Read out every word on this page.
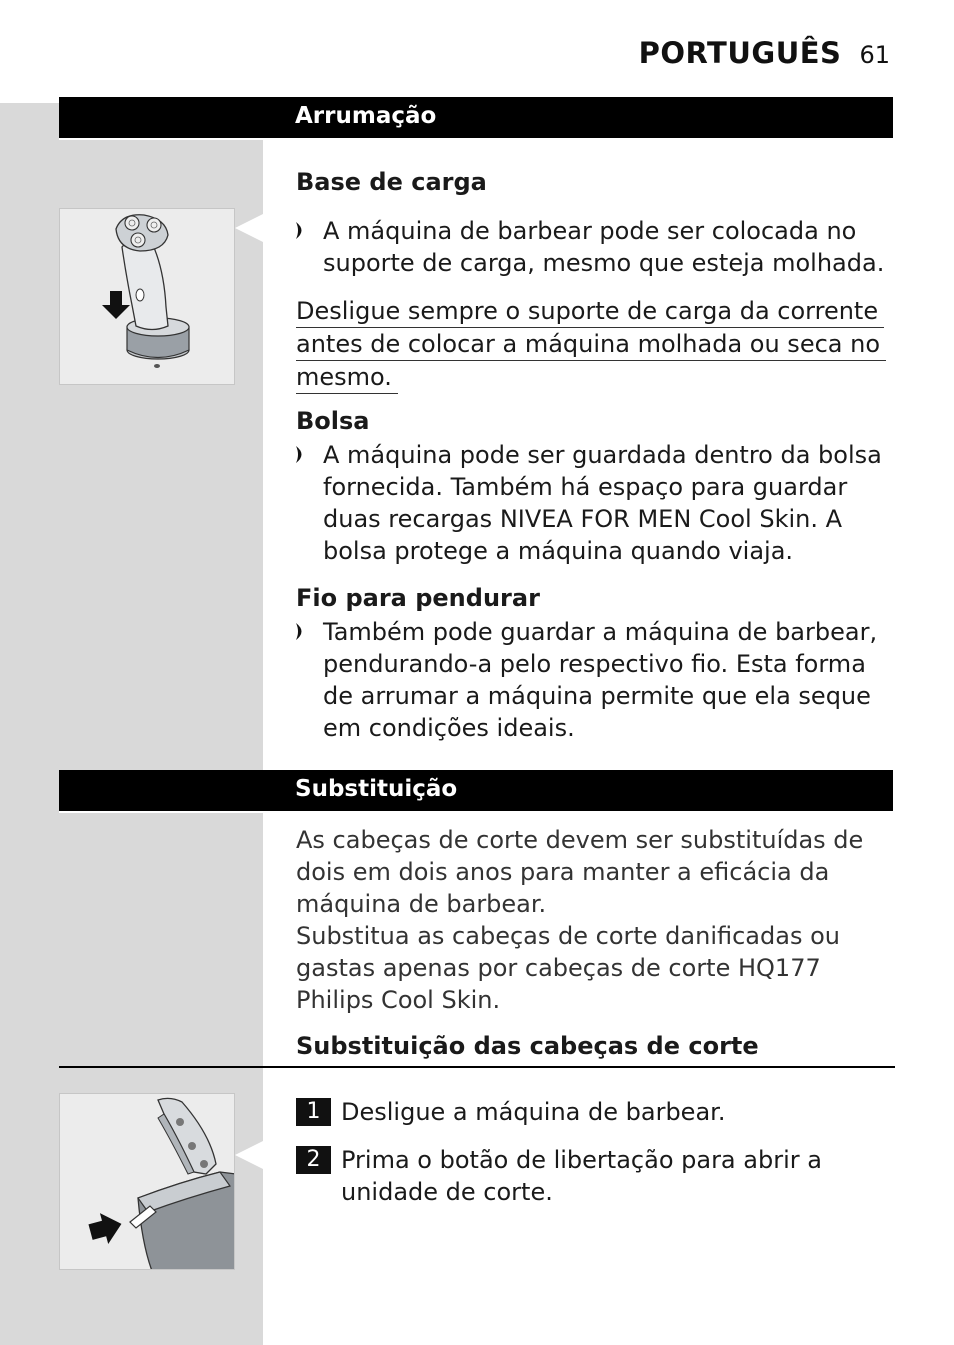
PORTUGUÊS 61
Arrumação
Base de carga
A máquina de barbear pode ser colocada no suporte de carga, mesmo que esteja molhada.
Desligue sempre o suporte de carga da corrente
antes de colocar a máquina molhada ou seca no
mesmo.
Bolsa
A máquina pode ser guardada dentro da bolsa fornecida. Também há espaço para guardar duas recargas NIVEA FOR MEN Cool Skin. A bolsa protege a máquina quando viaja.
Fio para pendurar
Também pode guardar a máquina de barbear, pendurando-a pelo respectivo fio. Esta forma de arrumar a máquina permite que ela seque em condições ideais.
Substituição
As cabeças de corte devem ser substituídas de dois em dois anos para manter a eficácia da máquina de barbear.
Substitua as cabeças de corte danificadas ou gastas apenas por cabeças de corte HQ177 Philips Cool Skin.
Substituição das cabeças de corte
1 Desligue a máquina de barbear.
2 Prima o botão de libertação para abrir a unidade de corte.
